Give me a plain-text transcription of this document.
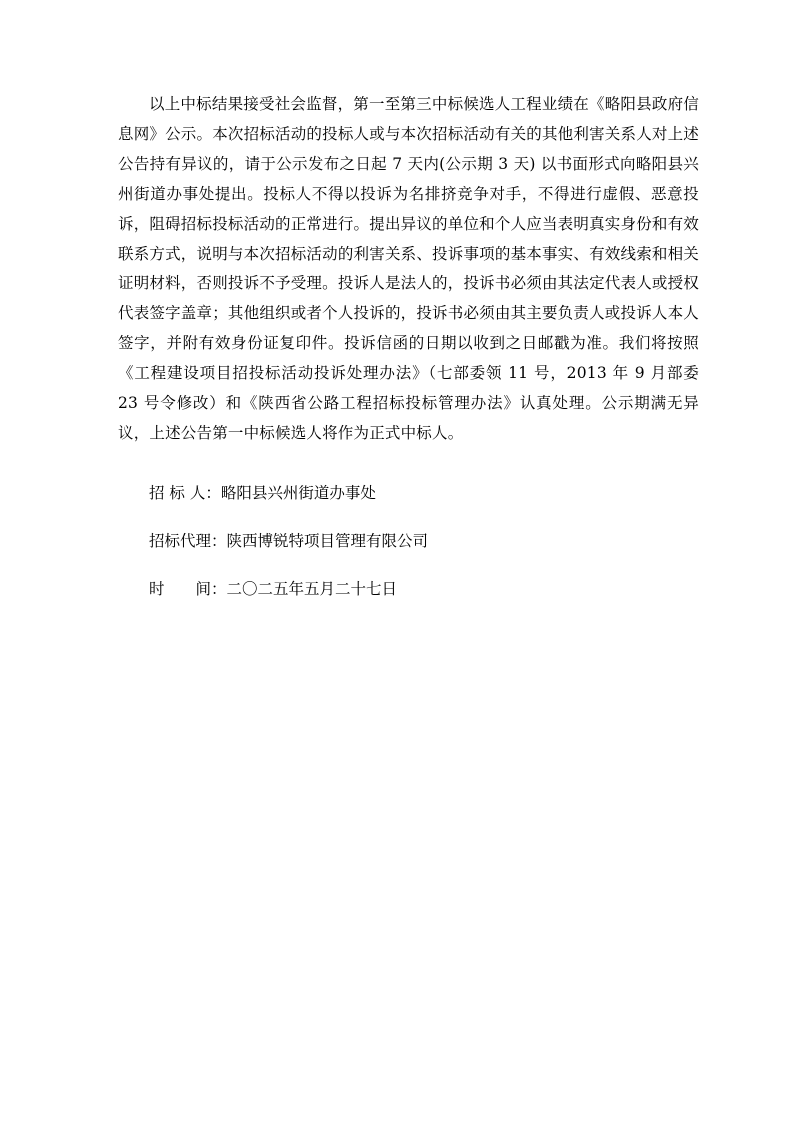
以上中标结果接受社会监督，第一至第三中标候选人工程业绩在《略阳县政府信息网》公示。本次招标活动的投标人或与本次招标活动有关的其他利害关系人对上述公告持有异议的，请于公示发布之日起 7 天内(公示期 3 天) 以书面形式向略阳县兴州街道办事处提出。投标人不得以投诉为名排挤竞争对手，不得进行虚假、恶意投诉，阻碍招标投标活动的正常进行。提出异议的单位和个人应当表明真实身份和有效联系方式，说明与本次招标活动的利害关系、投诉事项的基本事实、有效线索和相关证明材料，否则投诉不予受理。投诉人是法人的，投诉书必须由其法定代表人或授权代表签字盖章；其他组织或者个人投诉的，投诉书必须由其主要负责人或投诉人本人签字，并附有效身份证复印件。投诉信函的日期以收到之日邮戳为准。我们将按照《工程建设项目招投标活动投诉处理办法》（七部委领 11 号，2013 年 9 月部委 23 号令修改）和《陕西省公路工程招标投标管理办法》认真处理。公示期满无异议，上述公告第一中标候选人将作为正式中标人。

招 标 人：略阳县兴州街道办事处

招标代理：陕西博锐特项目管理有限公司

时　　间：二〇二五年五月二十七日
